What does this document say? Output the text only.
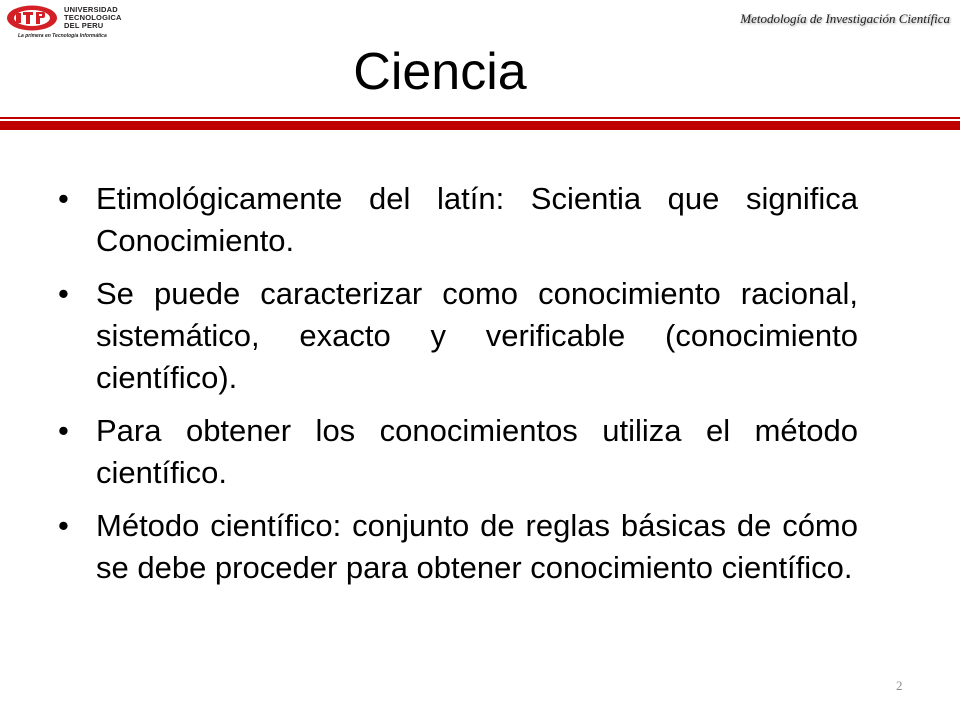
UNIVERSIDAD
TECNOLOGICA
DEL PERU
La primera en Tecnología Informática
Metodología de Investigación Científica
Ciencia
• Etimológicamente del latín: Scientia que significa Conocimiento.
• Se puede caracterizar como conocimiento racional, sistemático, exacto y verificable (conocimiento científico).
• Para obtener los conocimientos utiliza el método científico.
• Método científico: conjunto de reglas básicas de cómo se debe proceder para obtener conocimiento científico.
2
